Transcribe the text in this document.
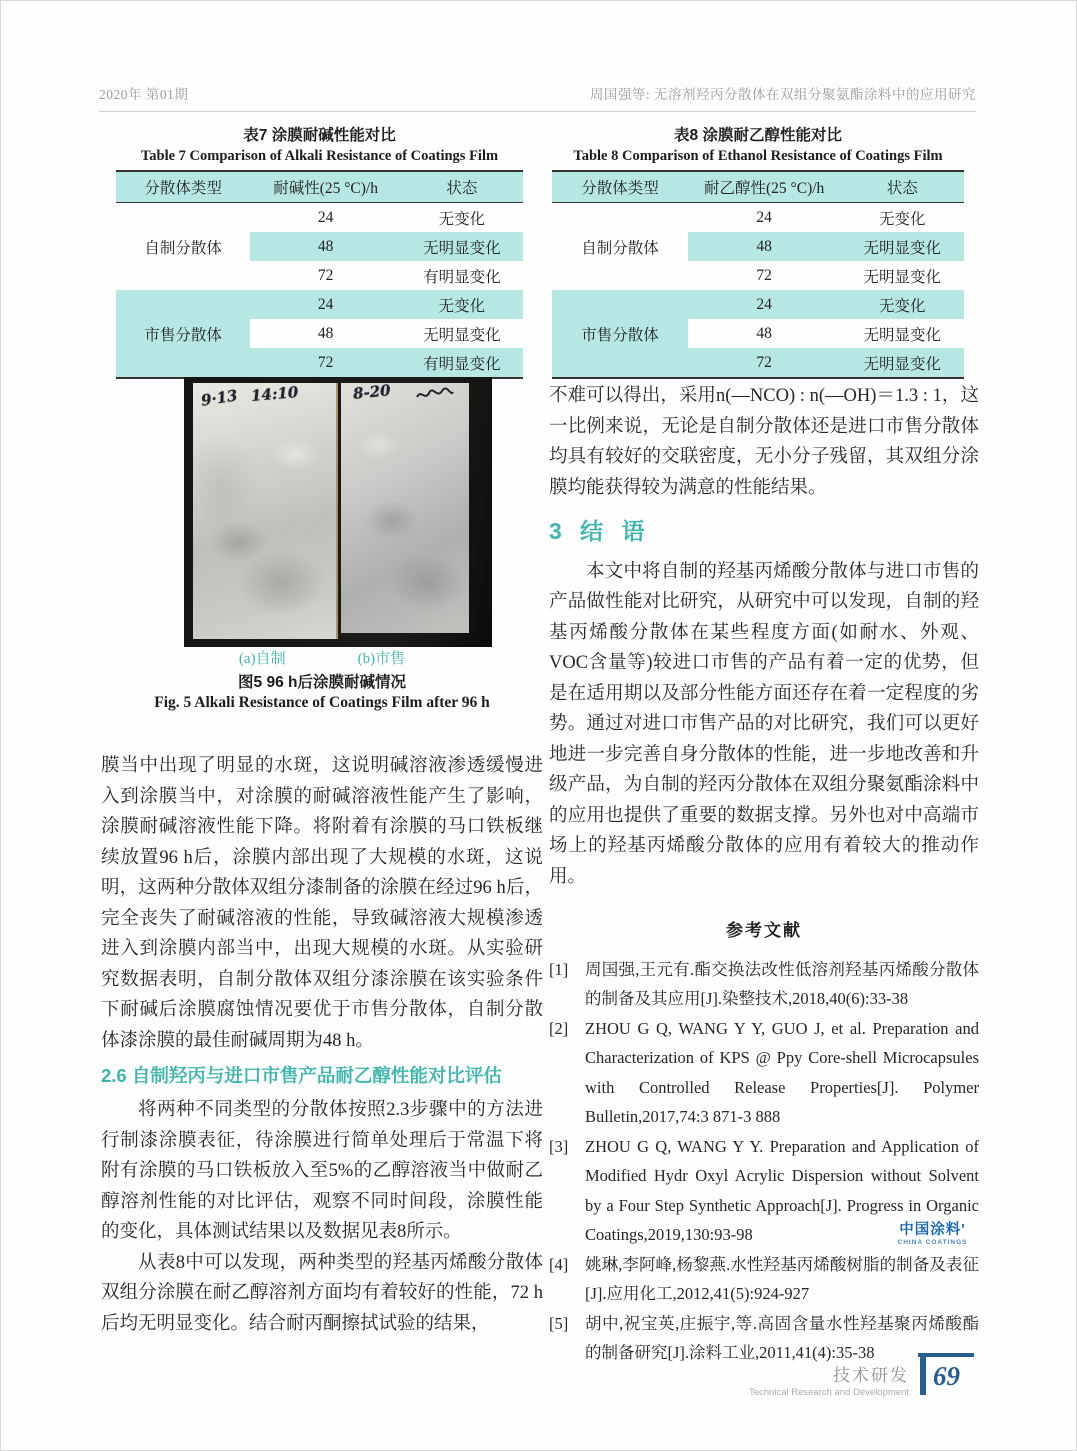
2020年 第01期	周国强等: 无溶剂羟丙分散体在双组分聚氨酯涂料中的应用研究
表7 涂膜耐碱性能对比
Table 7 Comparison of Alkali Resistance of Coatings Film
分散体类型	耐碱性(25 °C)/h	状态
自制分散体	24	无变化
	48	无明显变化
	72	有明显变化
市售分散体	24	无变化
	48	无明显变化
	72	有明显变化
表8 涂膜耐乙醇性能对比
Table 8 Comparison of Ethanol Resistance of Coatings Film
分散体类型	耐乙醇性(25 °C)/h	状态
自制分散体	24	无变化
	48	无明显变化
	72	无明显变化
市售分散体	24	无变化
	48	无明显变化
	72	无明显变化
9·13 14:10	8-20
(a)自制	(b)市售
图5 96 h后涂膜耐碱情况
Fig. 5 Alkali Resistance of Coatings Film after 96 h

膜当中出现了明显的水斑，这说明碱溶液渗透缓慢进入到涂膜当中，对涂膜的耐碱溶液性能产生了影响，涂膜耐碱溶液性能下降。将附着有涂膜的马口铁板继续放置96 h后，涂膜内部出现了大规模的水斑，这说明，这两种分散体双组分漆制备的涂膜在经过96 h后，完全丧失了耐碱溶液的性能，导致碱溶液大规模渗透进入到涂膜内部当中，出现大规模的水斑。从实验研究数据表明，自制分散体双组分漆涂膜在该实验条件下耐碱后涂膜腐蚀情况要优于市售分散体，自制分散体漆涂膜的最佳耐碱周期为48 h。

2.6 自制羟丙与进口市售产品耐乙醇性能对比评估

将两种不同类型的分散体按照2.3步骤中的方法进行制漆涂膜表征，待涂膜进行简单处理后于常温下将附有涂膜的马口铁板放入至5%的乙醇溶液当中做耐乙醇溶剂性能的对比评估，观察不同时间段，涂膜性能的变化，具体测试结果以及数据见表8所示。

从表8中可以发现，两种类型的羟基丙烯酸分散体双组分涂膜在耐乙醇溶剂方面均有着较好的性能，72 h后均无明显变化。结合耐丙酮擦拭试验的结果，

不难可以得出，采用n(—NCO) : n(—OH)＝1.3 : 1，这一比例来说，无论是自制分散体还是进口市售分散体均具有较好的交联密度，无小分子残留，其双组分涂膜均能获得较为满意的性能结果。

3 结 语

本文中将自制的羟基丙烯酸分散体与进口市售的产品做性能对比研究，从研究中可以发现，自制的羟基丙烯酸分散体在某些程度方面(如耐水、外观、VOC含量等)较进口市售的产品有着一定的优势，但是在适用期以及部分性能方面还存在着一定程度的劣势。通过对进口市售产品的对比研究，我们可以更好地进一步完善自身分散体的性能，进一步地改善和升级产品，为自制的羟丙分散体在双组分聚氨酯涂料中的应用也提供了重要的数据支撑。另外也对中高端市场上的羟基丙烯酸分散体的应用有着较大的推动作用。

参考文献
[1]	周国强,王元有.酯交换法改性低溶剂羟基丙烯酸分散体的制备及其应用[J].染整技术,2018,40(6):33-38
[2]	ZHOU G Q, WANG Y Y, GUO J, et al. Preparation and Characterization of KPS @ Ppy Core-shell Microcapsules with Controlled Release Properties[J]. Polymer Bulletin,2017,74:3 871-3 888
[3]	ZHOU G Q, WANG Y Y. Preparation and Application of Modified Hydr Oxyl Acrylic Dispersion without Solvent by a Four Step Synthetic Approach[J]. Progress in Organic Coatings,2019,130:93-98
[4]	姚琳,李阿峰,杨黎燕.水性羟基丙烯酸树脂的制备及表征[J].应用化工,2012,41(5):924-927
[5]	胡中,祝宝英,庄振宇,等.高固含量水性羟基聚丙烯酸酯的制备研究[J].涂料工业,2011,41(4):35-38
中国涂料'
CHINA COATINGS
技术研发
Technical Research and Development
69
